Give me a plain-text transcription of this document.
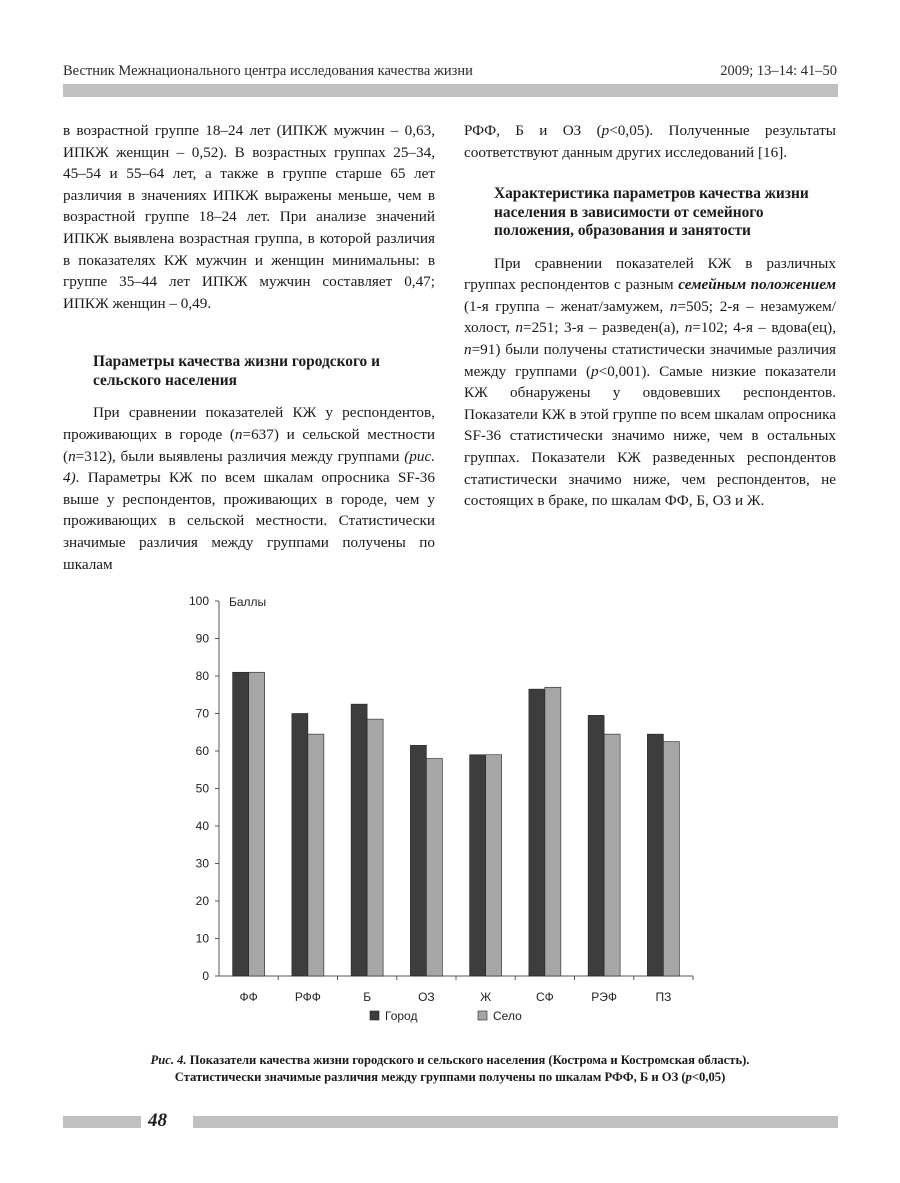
Вестник Межнационального центра исследования качества жизни	2009; 13–14: 41–50

в возрастной группе 18–24 лет (ИПКЖ мужчин – 0,63, ИПКЖ женщин – 0,52). В возрастных группах 25–34, 45–54 и 55–64 лет, а также в группе старше 65 лет различия в значениях ИПКЖ выражены меньше, чем в возрастной группе 18–24 лет. При анализе значений ИПКЖ выявлена возрастная группа, в которой различия в показателях КЖ мужчин и женщин минимальны: в группе 35–44 лет ИПКЖ мужчин составляет 0,47; ИПКЖ женщин – 0,49.

Параметры качества жизни городского и сельского населения

При сравнении показателей КЖ у респондентов, проживающих в городе (n=637) и сельской местности (n=312), были выявлены различия между группами (рис. 4). Параметры КЖ по всем шкалам опросника SF-36 выше у респондентов, проживающих в городе, чем у проживающих в сельской местности. Статистически значимые различия между группами получены по шкалам

РФФ, Б и ОЗ (p<0,05). Полученные результаты соответствуют данным других исследований [16].

Характеристика параметров качества жизни населения в зависимости от семейного положения, образования и занятости

При сравнении показателей КЖ в различных группах респондентов с разным семейным положением (1-я группа – женат/замужем, n=505; 2-я – незамужем/холост, n=251; 3-я – разведен(а), n=102; 4-я – вдова(ец), n=91) были получены статистически значимые различия между группами (p<0,001). Самые низкие показатели КЖ обнаружены у овдовевших респондентов. Показатели КЖ в этой группе по всем шкалам опросника SF-36 статистически значимо ниже, чем в остальных группах. Показатели КЖ разведенных респондентов статистически значимо ниже, чем респондентов, не состоящих в браке, по шкалам ФФ, Б, ОЗ и Ж.

0
10
20
30
40
50
60
70
80
90
100 Баллы
ФФ	РФФ	Б	ОЗ	Ж	СФ	РЭФ	ПЗ
Город	Село
Рис. 4. Показатели качества жизни городского и сельского населения (Кострома и Костромская область).
Статистически значимые различия между группами получены по шкалам РФФ, Б и ОЗ (p<0,05)
48
